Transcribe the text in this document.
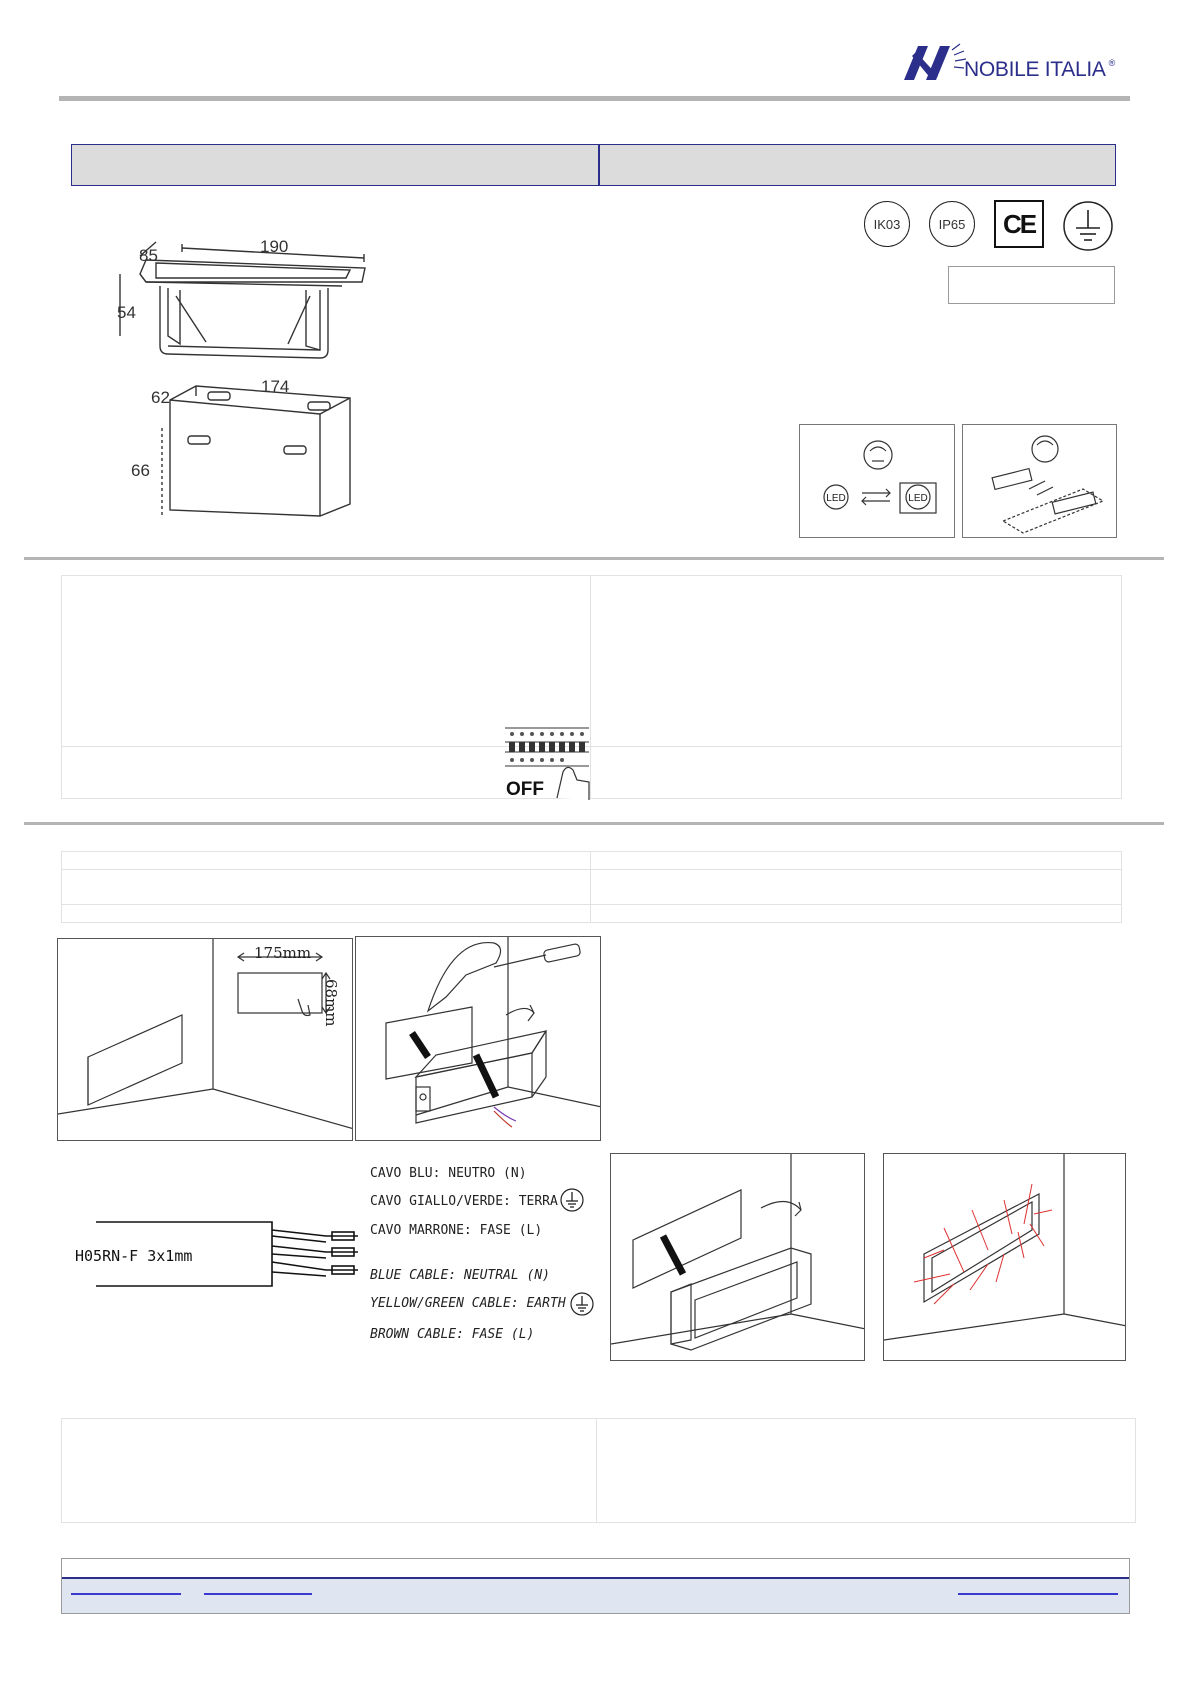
NOBILE ITALIA ®
85	190
54
62
174
66
IK03	IP65 CE
LED	LED
OFF
175mm
68mm
H05RN-F 3x1mm
CAVO BLU: NEUTRO (N)
CAVO GIALLO/VERDE: TERRA
CAVO MARRONE: FASE (L)
BLUE CABLE: NEUTRAL (N)
YELLOW/GREEN CABLE: EARTH
BROWN CABLE: FASE (L)
